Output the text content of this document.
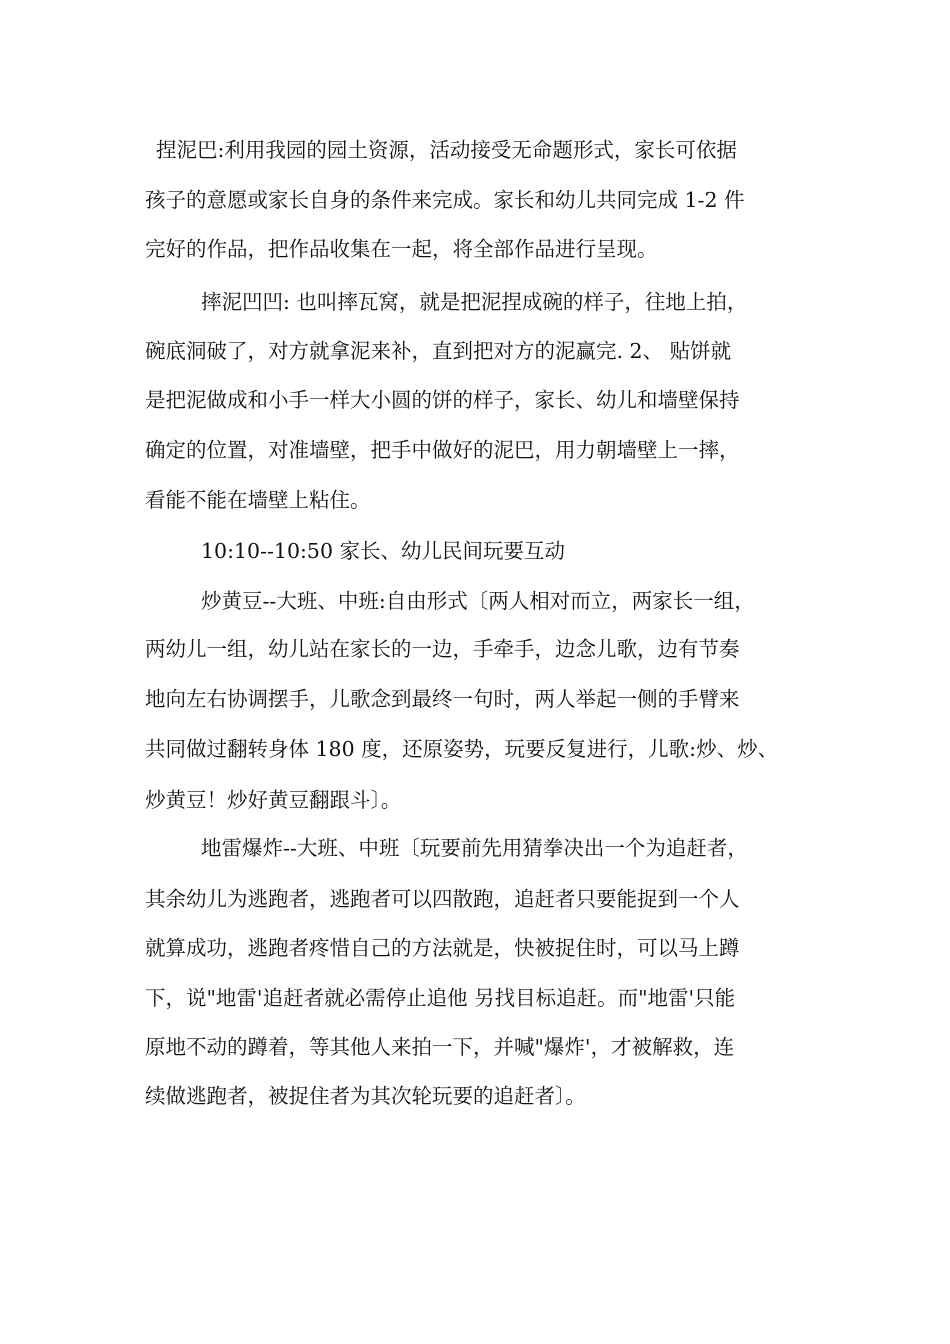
捏泥巴:利用我园的园土资源，活动接受无命题形式，家长可依据

孩子的意愿或家长自身的条件来完成。家长和幼儿共同完成 1-2 件

完好的作品，把作品收集在一起，将全部作品进行呈现。

摔泥凹凹: 也叫摔瓦窝，就是把泥捏成碗的样子，往地上拍，

碗底洞破了，对方就拿泥来补，直到把对方的泥赢完. 2、 贴饼就

是把泥做成和小手一样大小圆的饼的样子，家长、幼儿和墙壁保持

确定的位置，对准墙壁，把手中做好的泥巴，用力朝墙壁上一摔，

看能不能在墙壁上粘住。

10:10--10:50 家长、幼儿民间玩要互动

炒黄豆--大班、中班:自由形式〔两人相对而立，两家长一组，

两幼儿一组，幼儿站在家长的一边，手牵手，边念儿歌，边有节奏

地向左右协调摆手，儿歌念到最终一句时，两人举起一侧的手臂来

共同做过翻转身体 180 度，还原姿势，玩要反复进行，儿歌:炒、炒、

炒黄豆！炒好黄豆翻跟斗〕。

地雷爆炸--大班、中班〔玩要前先用猜拳决出一个为追赶者，

其余幼儿为逃跑者，逃跑者可以四散跑，追赶者只要能捉到一个人

就算成功，逃跑者疼惜自己的方法就是，快被捉住时，可以马上蹲

下，说"地雷'追赶者就必需停止追他 另找目标追赶。而"地雷'只能

原地不动的蹲着，等其他人来拍一下，并喊"爆炸'，才被解救，连

续做逃跑者，被捉住者为其次轮玩要的追赶者〕。
